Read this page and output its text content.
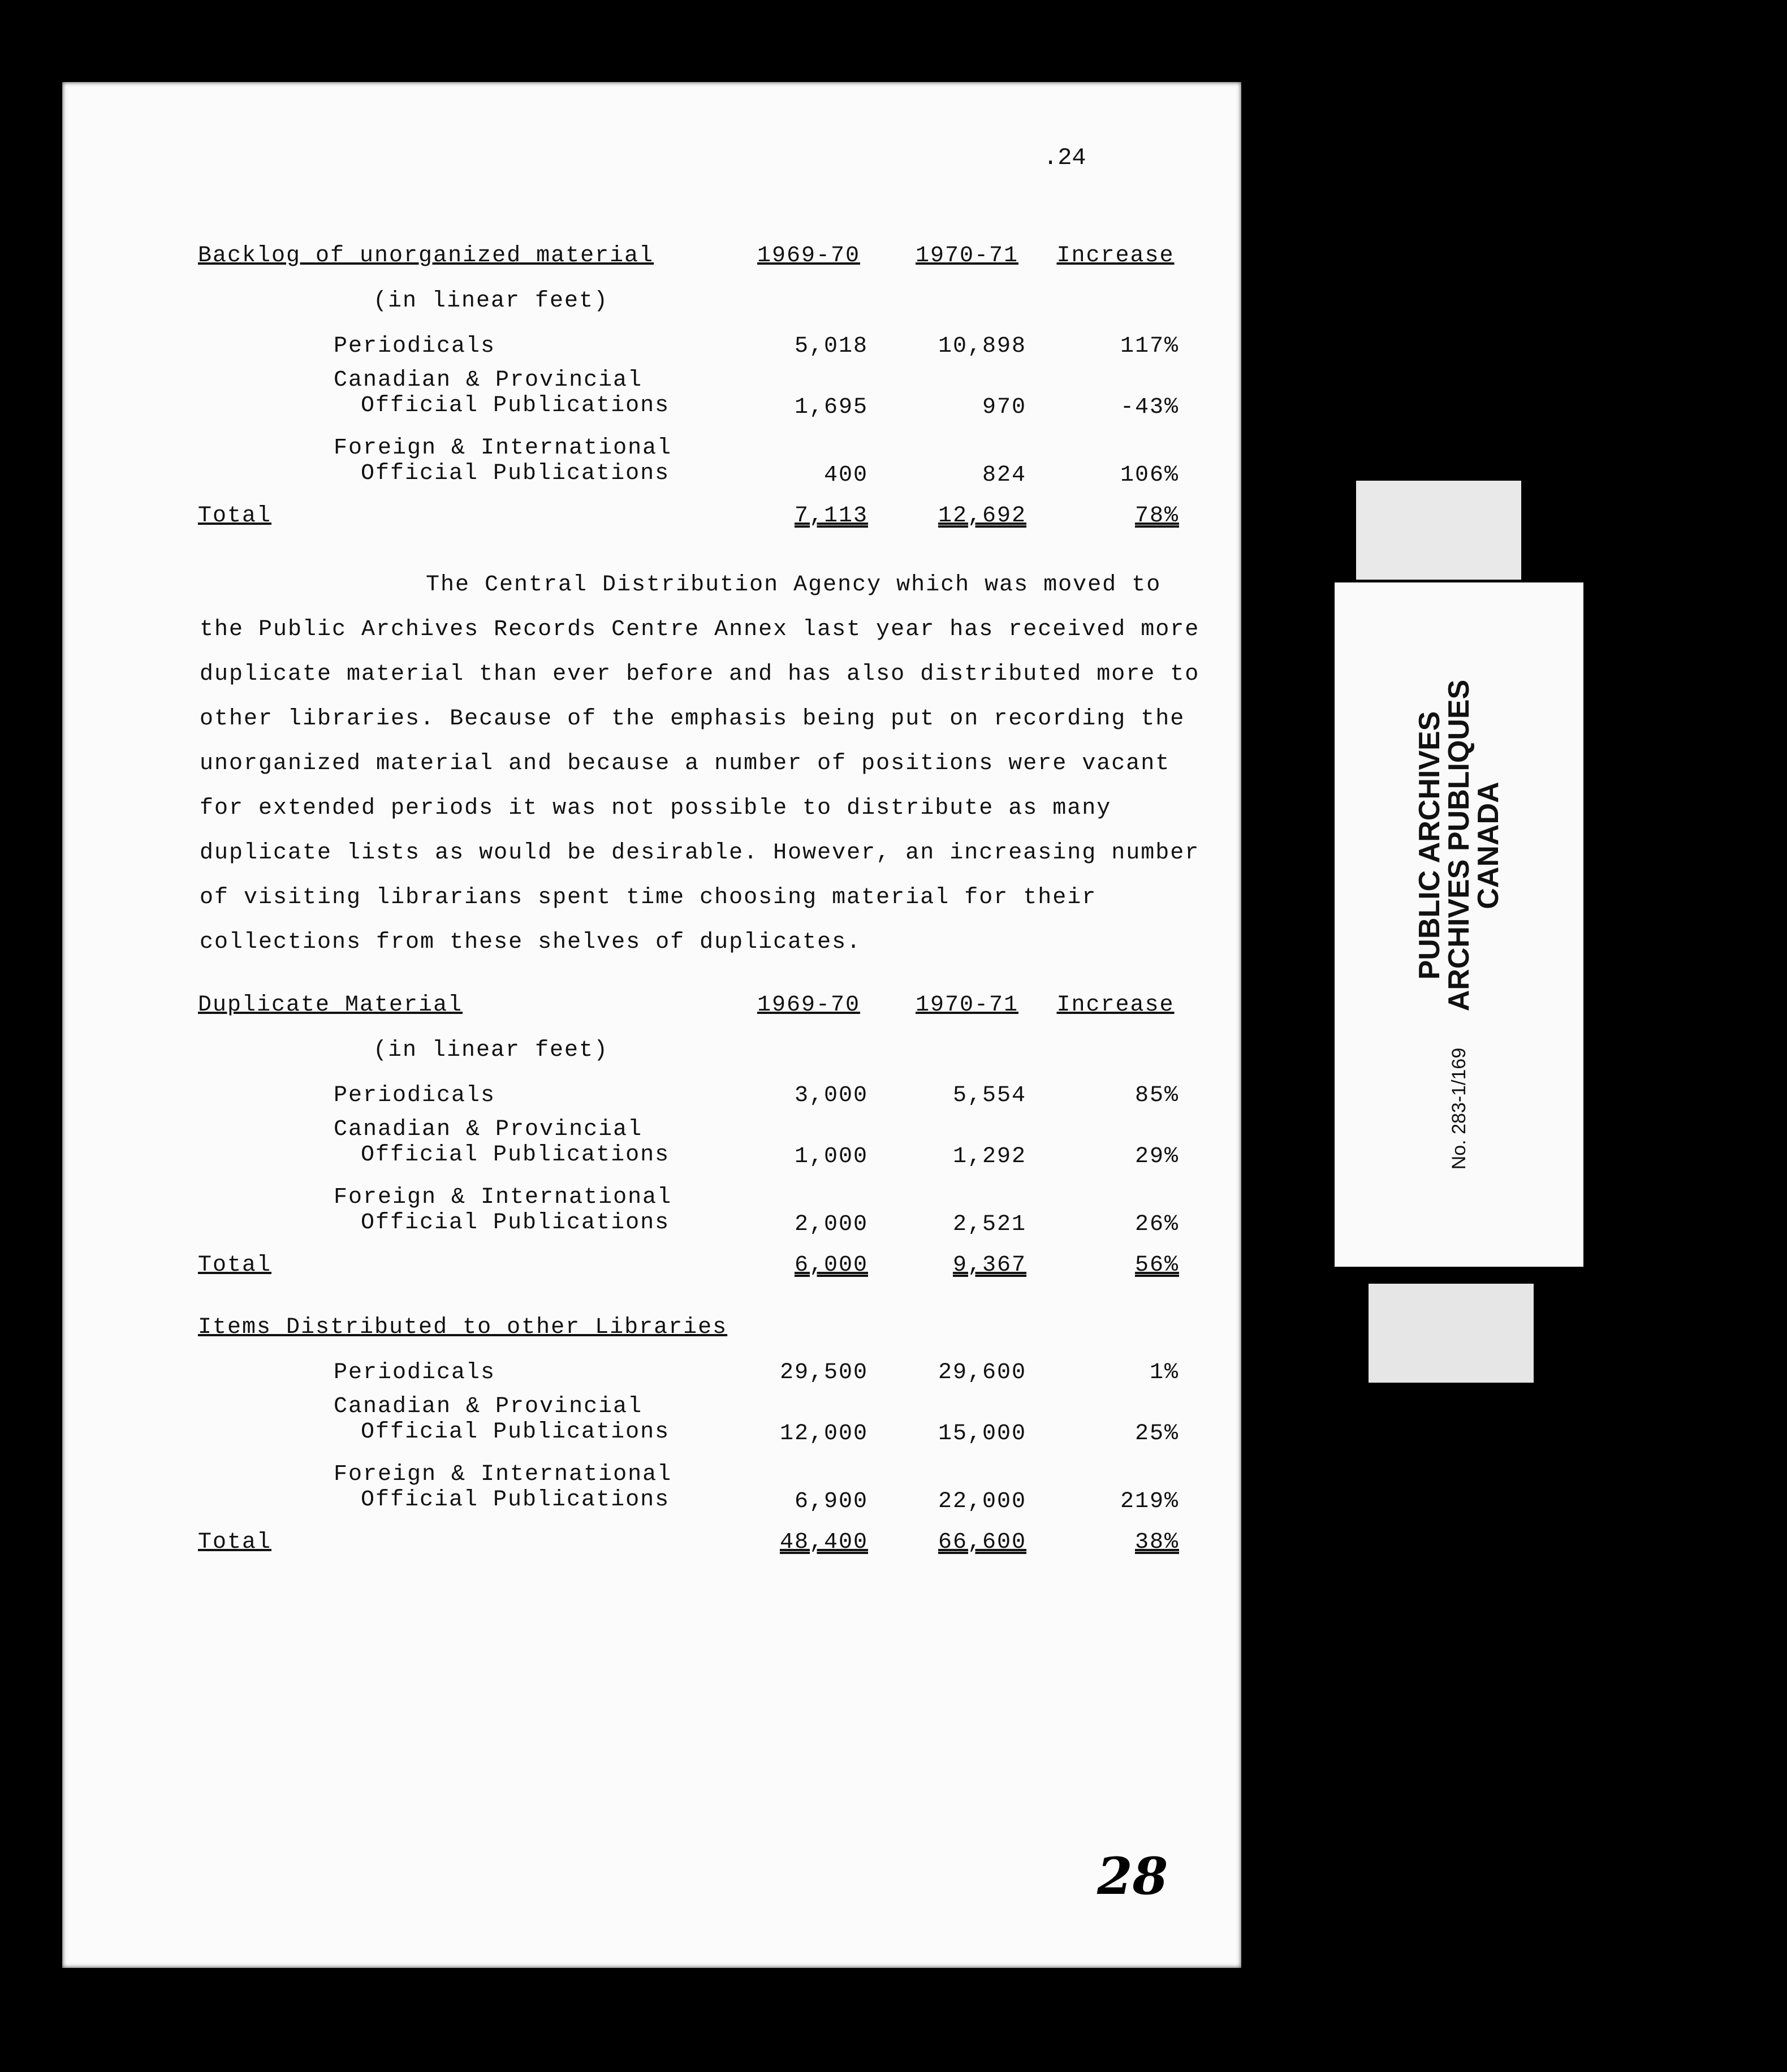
.24
Backlog of unorganized material	1969-70	1970-71	Increase
(in linear feet)
Periodicals	5,018	10,898	117%
Canadian & Provincial
Official Publications	1,695	970	-43%
Foreign & International
Official Publications	400	824	106%
Total	7,113	12,692	78%
The Central Distribution Agency which was moved to the Public Archives Records Centre Annex last year has received more duplicate material than ever before and has also distributed more to other libraries. Because of the emphasis being put on recording the unorganized material and because a number of positions were vacant for extended periods it was not possible to distribute as many duplicate lists as would be desirable. However, an increasing number of visiting librarians spent time choosing material for their collections from these shelves of duplicates.
Duplicate Material	1969-70	1970-71	Increase
(in linear feet)
Periodicals	3,000	5,554	85%
Canadian & Provincial
Official Publications	1,000	1,292	29%
Foreign & International
Official Publications	2,000	2,521	26%
Total	6,000	9,367	56%
Items Distributed to other Libraries
Periodicals	29,500	29,600	1%
Canadian & Provincial
Official Publications	12,000	15,000	25%
Foreign & International
Official Publications	6,900	22,000	219%
Total	48,400	66,600	38%
28
No. 283-1/169 PUBLIC ARCHIVES
ARCHIVES PUBLIQUES
CANADA
